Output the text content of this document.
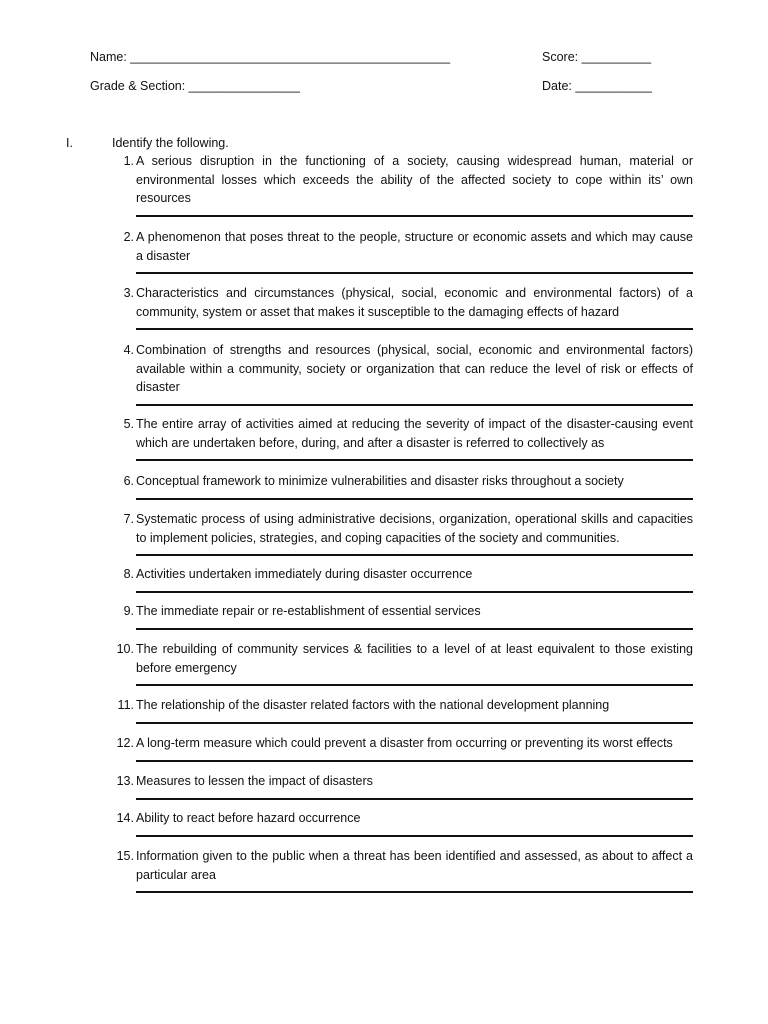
Name: ______________________________________________	Score: __________
Grade & Section: ________________	Date: ___________
I.	Identify the following.
1. A serious disruption in the functioning of a society, causing widespread human, material or environmental losses which exceeds the ability of the affected society to cope within its’ own resources
2. A phenomenon that poses threat to the people, structure or economic assets and which may cause a disaster
3. Characteristics and circumstances (physical, social, economic and environmental factors) of a community, system or asset that makes it susceptible to the damaging effects of hazard
4. Combination of strengths and resources (physical, social, economic and environmental factors) available within a community, society or organization that can reduce the level of risk or effects of disaster
5. The entire array of activities aimed at reducing the severity of impact of the disaster-causing event which are undertaken before, during, and after a disaster is referred to collectively as
6. Conceptual framework to minimize vulnerabilities and disaster risks throughout a society
7. Systematic process of using administrative decisions, organization, operational skills and capacities to implement policies, strategies, and coping capacities of the society and communities.
8. Activities undertaken immediately during disaster occurrence
9. The immediate repair or re-establishment of essential services
10. The rebuilding of community services & facilities to a level of at least equivalent to those existing before emergency
11. The relationship of the disaster related factors with the national development planning
12. A long-term measure which could prevent a disaster from occurring or preventing its worst effects
13. Measures to lessen the impact of disasters
14. Ability to react before hazard occurrence
15. Information given to the public when a threat has been identified and assessed, as about to affect a particular area
